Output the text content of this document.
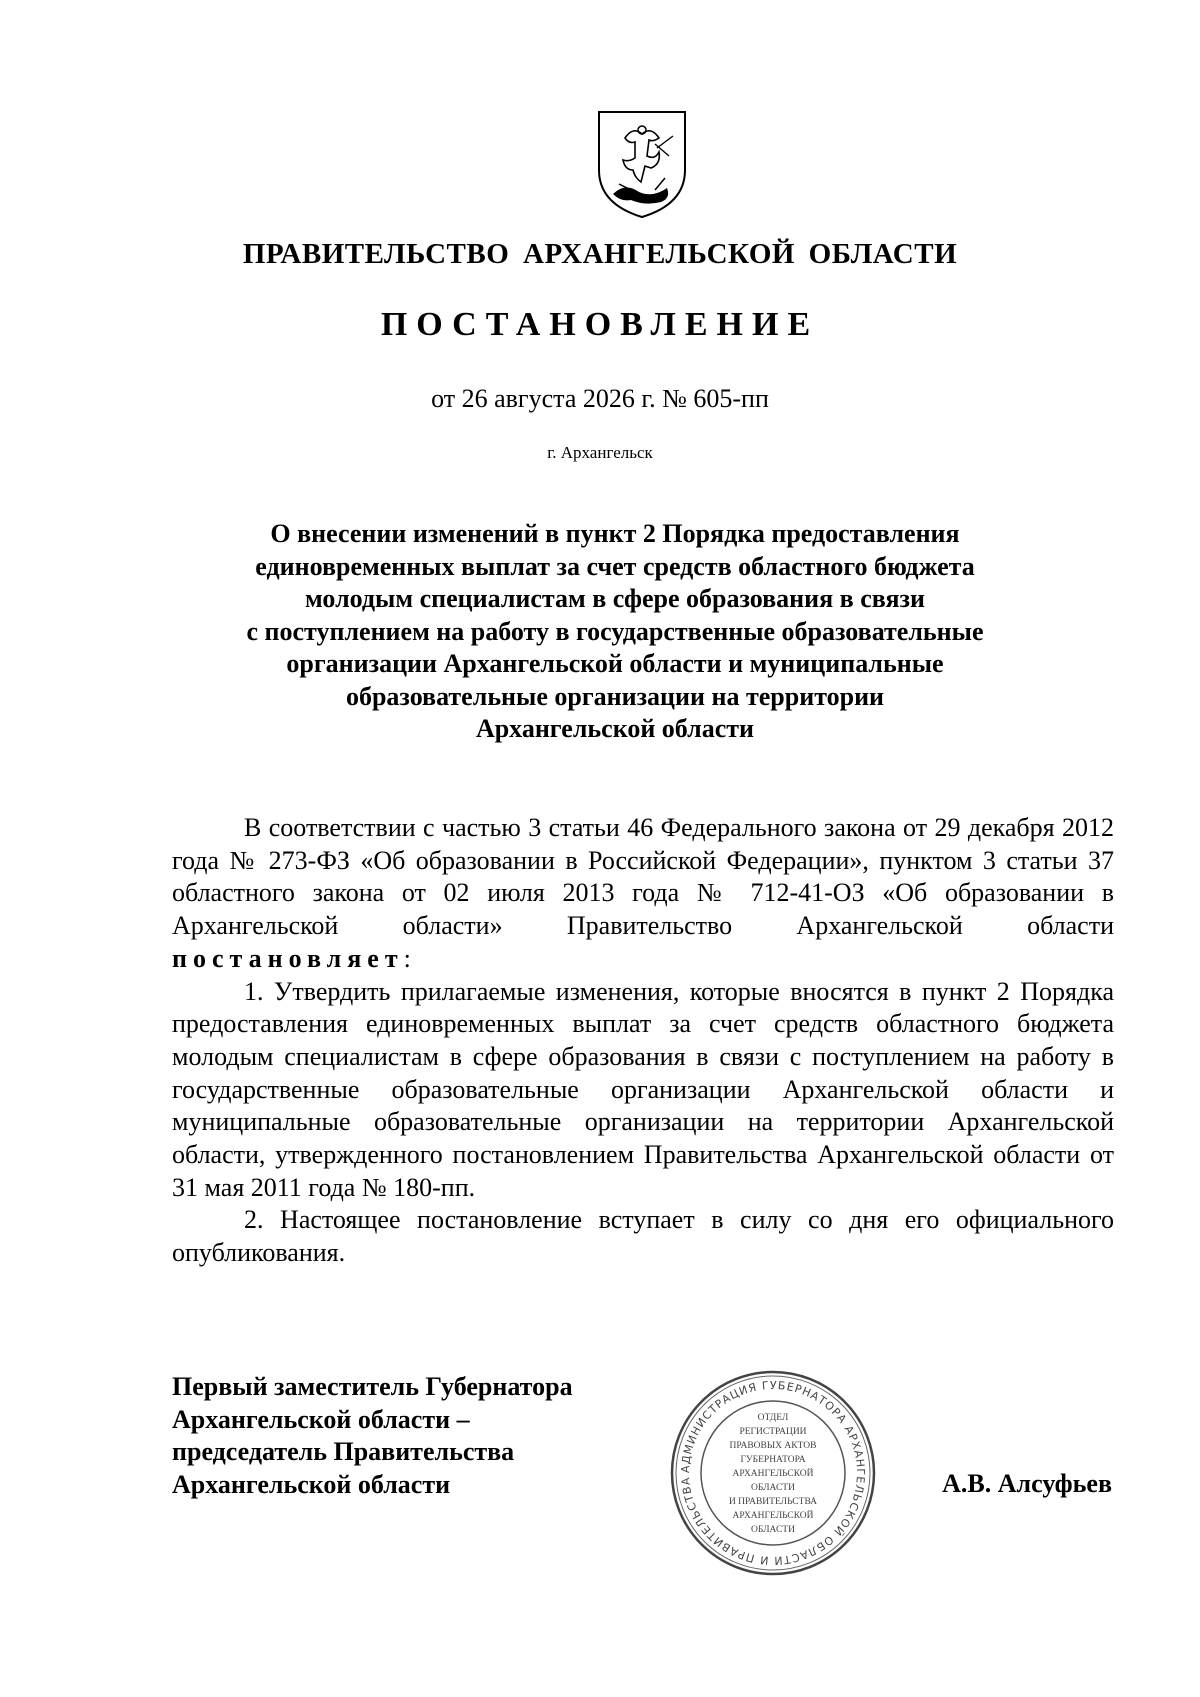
ПРАВИТЕЛЬСТВО АРХАНГЕЛЬСКОЙ ОБЛАСТИ
ПОСТАНОВЛЕНИЕ
от 26 августа 2026 г. № 605-пп
г. Архангельск
О внесении изменений в пункт 2 Порядка предоставления
единовременных выплат за счет средств областного бюджета
молодым специалистам в сфере образования в связи
с поступлением на работу в государственные образовательные
организации Архангельской области и муниципальные
образовательные организации на территории
Архангельской области

В соответствии с частью 3 статьи 46 Федерального закона от 29 декабря 2012 года № 273-ФЗ «Об образовании в Российской Федерации», пунктом 3 статьи 37 областного закона от 02 июля 2013 года № 712-41-ОЗ «Об образовании в Архангельской области» Правительство Архангельской области постановляет:

1. Утвердить прилагаемые изменения, которые вносятся в пункт 2 Порядка предоставления единовременных выплат за счет средств областного бюджета молодым специалистам в сфере образования в связи с поступлением на работу в государственные образовательные организации Архангельской области и муниципальные образовательные организации на территории Архангельской области, утвержденного постановлением Правительства Архангельской области от 31 мая 2011 года № 180-пп.

2. Настоящее постановление вступает в силу со дня его официального опубликования.

Первый заместитель Губернатора
Архангельской области –
председатель Правительства
Архангельской области
АДМИНИСТРАЦИЯ ГУБЕРНАТОРА АРХАНГЕЛЬСКОЙ ОБЛАСТИ И ПРАВИТЕЛЬСТВА
ОТДЕЛ
РЕГИСТРАЦИИ
ПРАВОВЫХ АКТОВ
ГУБЕРНАТОРА
АРХАНГЕЛЬСКОЙ
ОБЛАСТИ
И ПРАВИТЕЛЬСТВА
АРХАНГЕЛЬСКОЙ
ОБЛАСТИ
А.В. Алсуфьев
